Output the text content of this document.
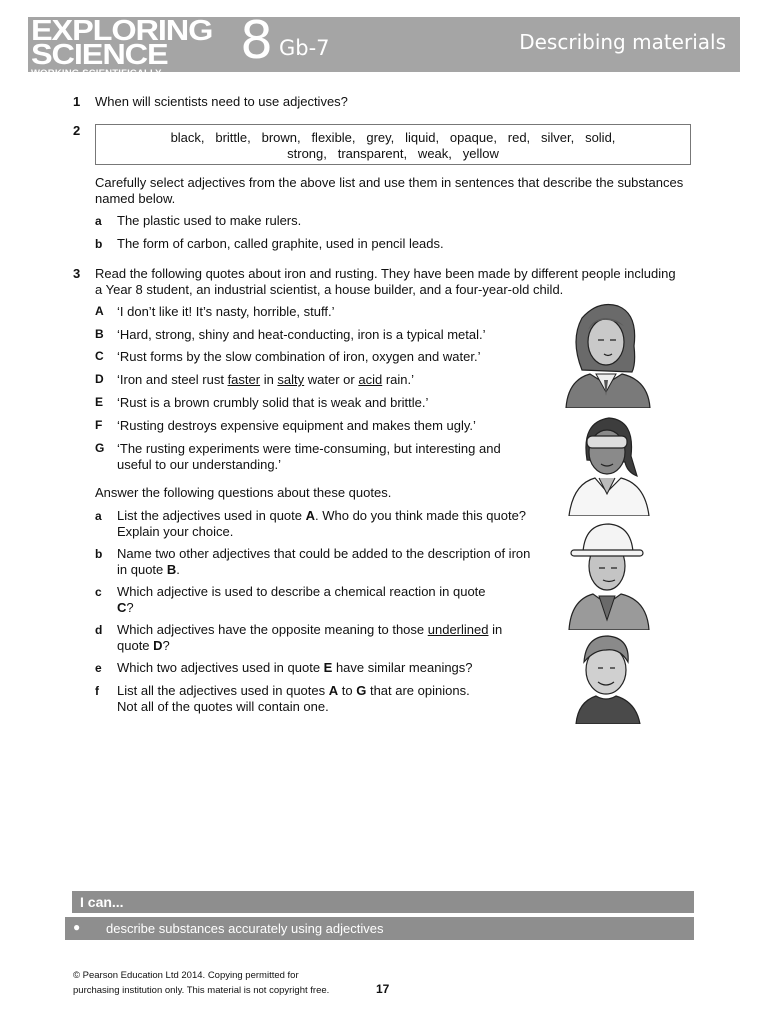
EXPLORING
SCIENCE
WORKING SCIENTIFICALLY
8 Gb-7	Describing materials
1 When will scientists need to use adjectives?
2	black,   brittle,   brown,   flexible,   grey,   liquid,   opaque,   red,   silver,   solid,
strong,   transparent,   weak,   yellow
Carefully select adjectives from the above list and use them in sentences that describe the substances named below.
a The plastic used to make rulers.
b The form of carbon, called graphite, used in pencil leads.
3 Read the following quotes about iron and rusting. They have been made by different people including a Year 8 student, an industrial scientist, a house builder, and a four-year-old child.
A ‘I don’t like it! It’s nasty, horrible, stuff.’
B ‘Hard, strong, shiny and heat-conducting, iron is a typical metal.’
C ‘Rust forms by the slow combination of iron, oxygen and water.’
D ‘Iron and steel rust faster in salty water or acid rain.’
E ‘Rust is a brown crumbly solid that is weak and brittle.’
F ‘Rusting destroys expensive equipment and makes them ugly.’
G ‘The rusting experiments were time-consuming, but interesting and useful to our understanding.’
Answer the following questions about these quotes.
a List the adjectives used in quote A. Who do you think made this quote? Explain your choice.
b Name two other adjectives that could be added to the description of iron in quote B.
c Which adjective is used to describe a chemical reaction in quote C?
d Which adjectives have the opposite meaning to those underlined in quote D?
e Which two adjectives used in quote E have similar meanings?
f List all the adjectives used in quotes A to G that are opinions.
Not all of the quotes will contain one.
I can...
● describe substances accurately using adjectives
© Pearson Education Ltd 2014. Copying permitted for
purchasing institution only. This material is not copyright free.	17
